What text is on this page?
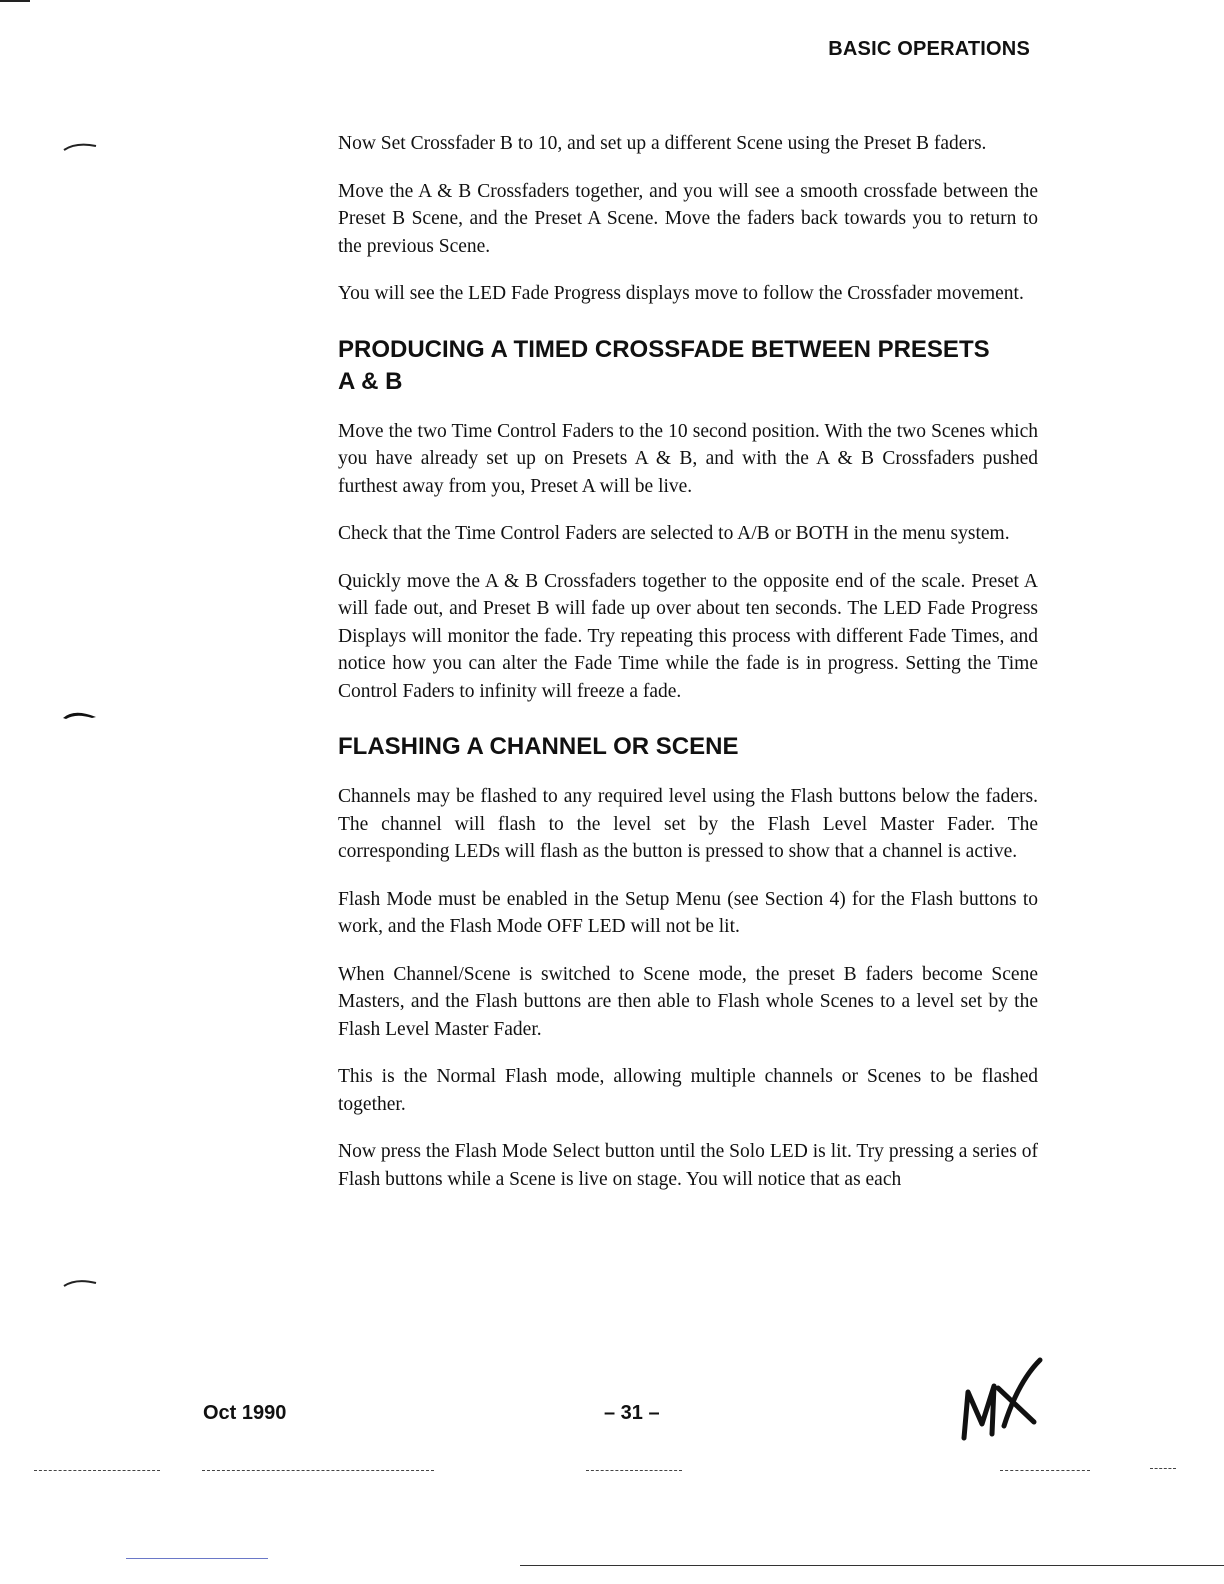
BASIC OPERATIONS

Now Set Crossfader B to 10, and set up a different Scene using the Preset B faders.

Move the A & B Crossfaders together, and you will see a smooth crossfade between the Preset B Scene, and the Preset A Scene. Move the faders back towards you to return to the previous Scene.

You will see the LED Fade Progress displays move to follow the Crossfader movement.

PRODUCING A TIMED CROSSFADE BETWEEN PRESETS
A & B

Move the two Time Control Faders to the 10 second position. With the two Scenes which you have already set up on Presets A & B, and with the A & B Crossfaders pushed furthest away from you, Preset A will be live.

Check that the Time Control Faders are selected to A/B or BOTH in the menu system.

Quickly move the A & B Crossfaders together to the opposite end of the scale. Preset A will fade out, and Preset B will fade up over about ten seconds. The LED Fade Progress Displays will monitor the fade. Try repeating this process with different Fade Times, and notice how you can alter the Fade Time while the fade is in progress. Setting the Time Control Faders to infinity will freeze a fade.

FLASHING A CHANNEL OR SCENE

Channels may be flashed to any required level using the Flash buttons below the faders. The channel will flash to the level set by the Flash Level Master Fader. The corresponding LEDs will flash as the button is pressed to show that a channel is active.

Flash Mode must be enabled in the Setup Menu (see Section 4) for the Flash buttons to work, and the Flash Mode OFF LED will not be lit.

When Channel/Scene is switched to Scene mode, the preset B faders become Scene Masters, and the Flash buttons are then able to Flash whole Scenes to a level set by the Flash Level Master Fader.

This is the Normal Flash mode, allowing multiple channels or Scenes to be flashed together.

Now press the Flash Mode Select button until the Solo LED is lit. Try pressing a series of Flash buttons while a Scene is live on stage. You will notice that as each

Oct 1990	– 31 –
